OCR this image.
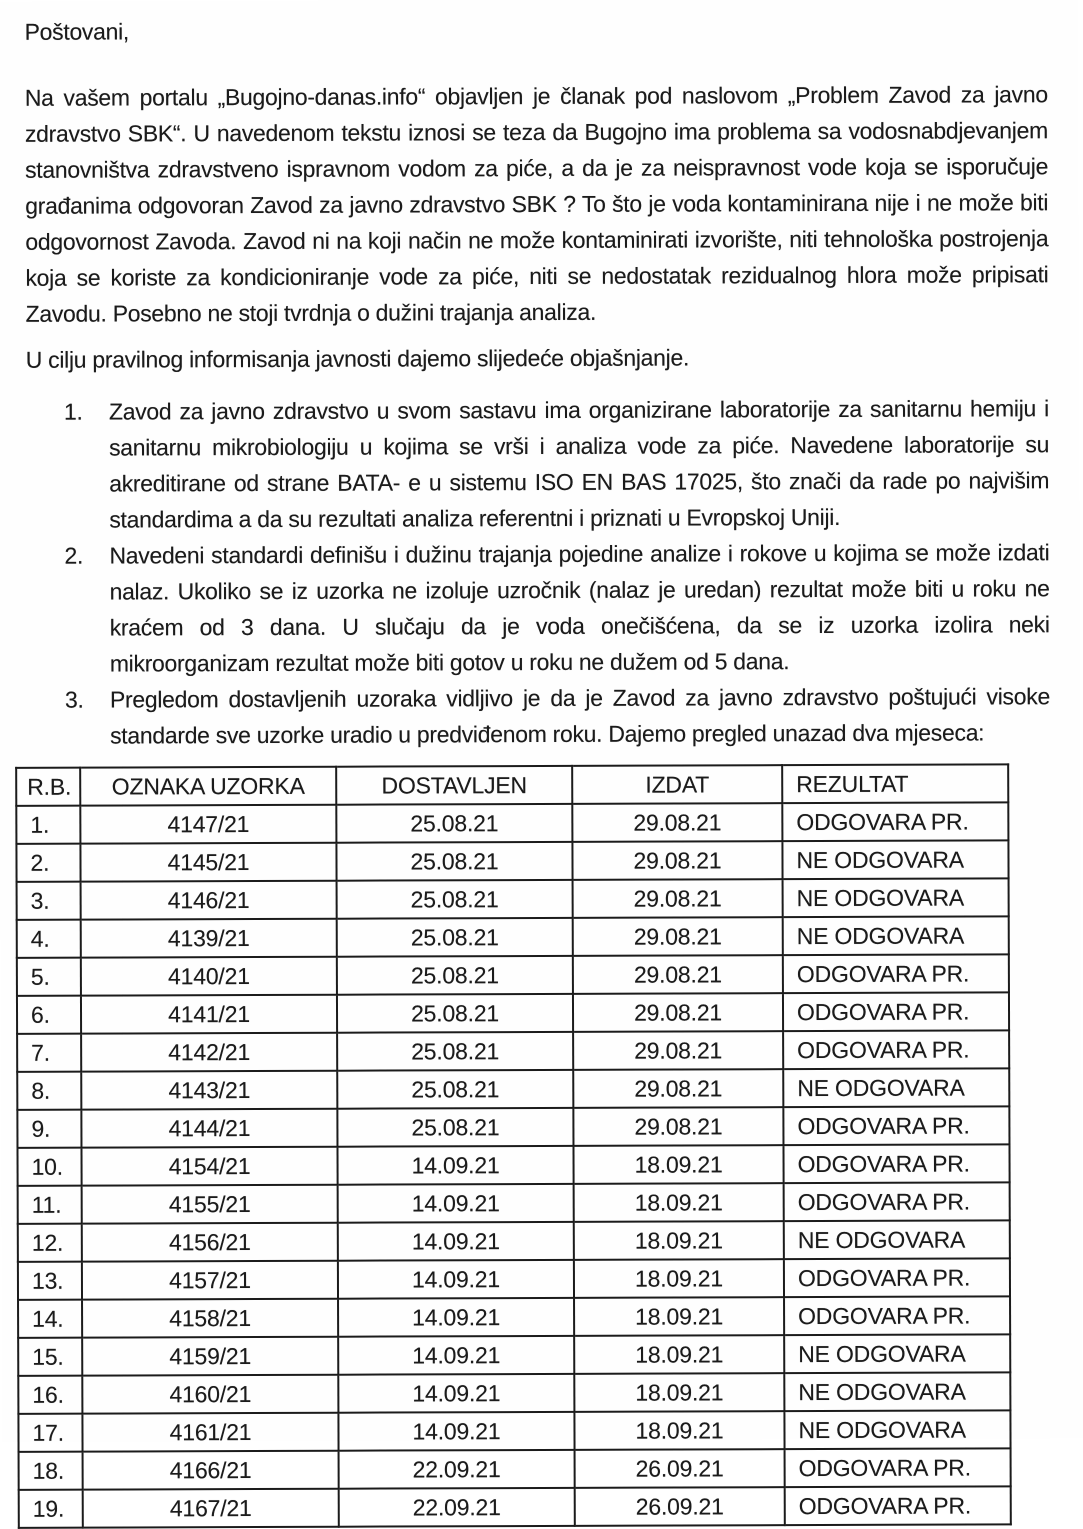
Poštovani,

Na vašem portalu „Bugojno-danas.info“ objavljen je članak pod naslovom „Problem Zavod za javno zdravstvo SBK“. U navedenom tekstu iznosi se teza da Bugojno ima problema sa vodosnabdjevanjem stanovništva zdravstveno ispravnom vodom za piće, a da je za neispravnost vode koja se isporučuje građanima odgovoran Zavod za javno zdravstvo SBK ? To što je voda kontaminirana nije i ne može biti odgovornost Zavoda. Zavod ni na koji način ne može kontaminirati izvorište, niti tehnološka postrojenja koja se koriste za kondicioniranje vode za piće, niti se nedostatak rezidualnog hlora može pripisati Zavodu. Posebno ne stoji tvrdnja o dužini trajanja analiza.

U cilju pravilnog informisanja javnosti dajemo slijedeće objašnjanje.

1.	Zavod za javno zdravstvo u svom sastavu ima organizirane laboratorije za sanitarnu hemiju i sanitarnu mikrobiologiju u kojima se vrši i analiza vode za piće. Navedene laboratorije su akreditirane od strane BATA- e u sistemu ISO EN BAS 17025, što znači da rade po najvišim standardima a da su rezultati analiza referentni i priznati u Evropskoj Uniji.
2.	Navedeni standardi definišu i dužinu trajanja pojedine analize i rokove u kojima se može izdati nalaz. Ukoliko se iz uzorka ne izoluje uzročnik (nalaz je uredan) rezultat može biti u roku ne kraćem od 3 dana. U slučaju da je voda onečišćena, da se iz uzorka izolira neki mikroorganizam rezultat može biti gotov u roku ne dužem od 5 dana.
3.	Pregledom dostavljenih uzoraka vidljivo je da je Zavod za javno zdravstvo poštujući visoke standarde sve uzorke uradio u predviđenom roku. Dajemo pregled unazad dva mjeseca:
R.B.	OZNAKA UZORKA	DOSTAVLJEN	IZDAT	REZULTAT
1.	4147/21	25.08.21	29.08.21	ODGOVARA PR.
2.	4145/21	25.08.21	29.08.21	NE ODGOVARA
3.	4146/21	25.08.21	29.08.21	NE ODGOVARA
4.	4139/21	25.08.21	29.08.21	NE ODGOVARA
5.	4140/21	25.08.21	29.08.21	ODGOVARA PR.
6.	4141/21	25.08.21	29.08.21	ODGOVARA PR.
7.	4142/21	25.08.21	29.08.21	ODGOVARA PR.
8.	4143/21	25.08.21	29.08.21	NE ODGOVARA
9.	4144/21	25.08.21	29.08.21	ODGOVARA PR.
10.	4154/21	14.09.21	18.09.21	ODGOVARA PR.
11.	4155/21	14.09.21	18.09.21	ODGOVARA PR.
12.	4156/21	14.09.21	18.09.21	NE ODGOVARA
13.	4157/21	14.09.21	18.09.21	ODGOVARA PR.
14.	4158/21	14.09.21	18.09.21	ODGOVARA PR.
15.	4159/21	14.09.21	18.09.21	NE ODGOVARA
16.	4160/21	14.09.21	18.09.21	NE ODGOVARA
17.	4161/21	14.09.21	18.09.21	NE ODGOVARA
18.	4166/21	22.09.21	26.09.21	ODGOVARA PR.
19.	4167/21	22.09.21	26.09.21	ODGOVARA PR.
